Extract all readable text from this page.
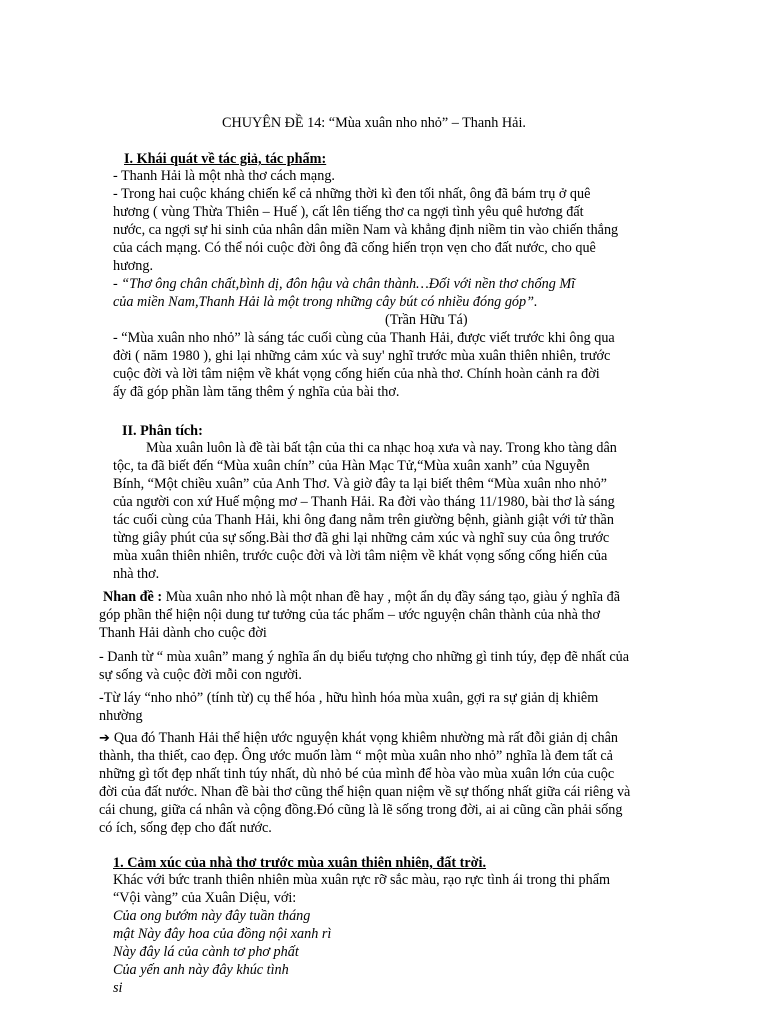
CHUYÊN ĐỀ 14: “Mùa xuân nho nhỏ” – Thanh Hải.
I. Khái quát về tác giả, tác phẩm:
- Thanh Hải là một nhà thơ cách mạng.
- Trong hai cuộc kháng chiến kể cả những thời kì đen tối nhất, ông đã bám trụ ở quê
hương ( vùng Thừa Thiên – Huế ), cất lên tiếng thơ ca ngợi tình yêu quê hương đất
nước, ca ngợi sự hi sinh của nhân dân miền Nam và khẳng định niềm tin vào chiến thắng
của cách mạng. Có thể nói cuộc đời ông đã cống hiến trọn vẹn cho đất nước, cho quê
hương.
- “Thơ ông chân chất,bình dị, đôn hậu và chân thành…Đối với nền thơ chống Mĩ
của miền Nam,Thanh Hải là một trong những cây bút có nhiều đóng góp”.
(Trần Hữu Tá)
- “Mùa xuân nho nhỏ” là sáng tác cuối cùng của Thanh Hải, được viết trước khi ông qua
đời ( năm 1980 ), ghi lại những cảm xúc và suy' nghĩ trước mùa xuân thiên nhiên, trước
cuộc đời và lời tâm niệm về khát vọng cống hiến của nhà thơ. Chính hoàn cảnh ra đời
ấy đã góp phần làm tăng thêm ý nghĩa của bài thơ.
II. Phân tích:
Mùa xuân luôn là đề tài bất tận của thi ca nhạc hoạ xưa và nay. Trong kho tàng dân
tộc, ta đã biết đến “Mùa xuân chín” của Hàn Mạc Tử,“Mùa xuân xanh” của Nguyễn
Bính, “Một chiều xuân” của Anh Thơ. Và giờ đây ta lại biết thêm “Mùa xuân nho nhỏ”
của người con xứ Huế mộng mơ – Thanh Hải. Ra đời vào tháng 11/1980, bài thơ là sáng
tác cuối cùng của Thanh Hải, khi ông đang nằm trên giường bệnh, giành giật với tử thần
từng giây phút của sự sống.Bài thơ đã ghi lại những cảm xúc và nghĩ suy của ông trước
mùa xuân thiên nhiên, trước cuộc đời và lời tâm niệm về khát vọng sống cống hiến của
nhà thơ.
Nhan đề : Mùa xuân nho nhỏ là một nhan đề hay , một ẩn dụ đầy sáng tạo, giàu ý nghĩa đã
góp phần thể hiện nội dung tư tưởng của tác phẩm – ước nguyện chân thành của nhà thơ
Thanh Hải dành cho cuộc đời
- Danh từ “ mùa xuân” mang ý nghĩa ẩn dụ biểu tượng cho những gì tinh túy, đẹp đẽ nhất của
sự sống và cuộc đời mỗi con người.
-Từ láy “nho nhỏ” (tính từ) cụ thể hóa , hữu hình hóa mùa xuân, gợi ra sự giản dị khiêm
nhường
➔ Qua đó Thanh Hải thể hiện ước nguyện khát vọng khiêm nhường mà rất đỗi giản dị chân
thành, tha thiết, cao đẹp. Ông ước muốn làm “ một mùa xuân nho nhỏ” nghĩa là đem tất cả
những gì tốt đẹp nhất tinh túy nhất, dù nhỏ bé của mình để hòa vào mùa xuân lớn của cuộc
đời của đất nước. Nhan đề bài thơ cũng thể hiện quan niệm về sự thống nhất giữa cái riêng và
cái chung, giữa cá nhân và cộng đồng.Đó cũng là lẽ sống trong đời, ai ai cũng cần phải sống
có ích, sống đẹp cho đất nước.
1. Cảm xúc của nhà thơ trước mùa xuân thiên nhiên, đất trời.
Khác với bức tranh thiên nhiên mùa xuân rực rỡ sắc màu, rạo rực tình ái trong thi phẩm
“Vội vàng” của Xuân Diệu, với:
Của ong bướm này đây tuần tháng
mật Này đây hoa của đồng nội xanh rì
Này đây lá của cành tơ phơ phất
Của yến anh này đây khúc tình
si
